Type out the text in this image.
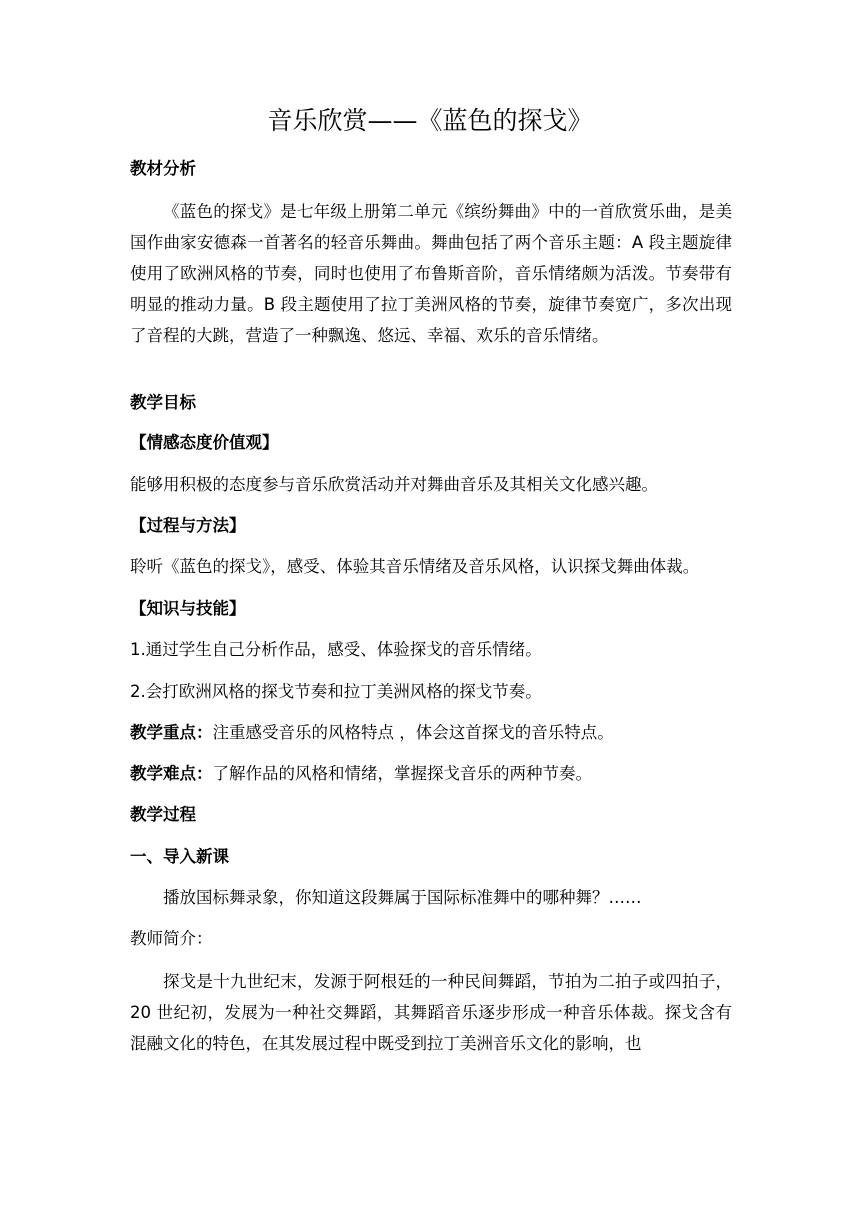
音乐欣赏——《蓝色的探戈》
教材分析

《蓝色的探戈》是七年级上册第二单元《缤纷舞曲》中的一首欣赏乐曲，是美国作曲家安德森一首著名的轻音乐舞曲。舞曲包括了两个音乐主题：A 段主题旋律使用了欧洲风格的节奏，同时也使用了布鲁斯音阶，音乐情绪颇为活泼。节奏带有明显的推动力量。B 段主题使用了拉丁美洲风格的节奏，旋律节奏宽广，多次出现了音程的大跳，营造了一种飘逸、悠远、幸福、欢乐的音乐情绪。

教学目标
【情感态度价值观】
能够用积极的态度参与音乐欣赏活动并对舞曲音乐及其相关文化感兴趣。
【过程与方法】
聆听《蓝色的探戈》，感受、体验其音乐情绪及音乐风格，认识探戈舞曲体裁。
【知识与技能】
1.通过学生自己分析作品，感受、体验探戈的音乐情绪。
2.会打欧洲风格的探戈节奏和拉丁美洲风格的探戈节奏。
教学重点：注重感受音乐的风格特点 ，体会这首探戈的音乐特点。
教学难点：了解作品的风格和情绪，掌握探戈音乐的两种节奏。
教学过程
一、导入新课
播放国标舞录象，你知道这段舞属于国际标准舞中的哪种舞？……
教师简介：

探戈是十九世纪末，发源于阿根廷的一种民间舞蹈，节拍为二拍子或四拍子，20 世纪初，发展为一种社交舞蹈，其舞蹈音乐逐步形成一种音乐体裁。探戈含有混融文化的特色，在其发展过程中既受到拉丁美洲音乐文化的影响，也
